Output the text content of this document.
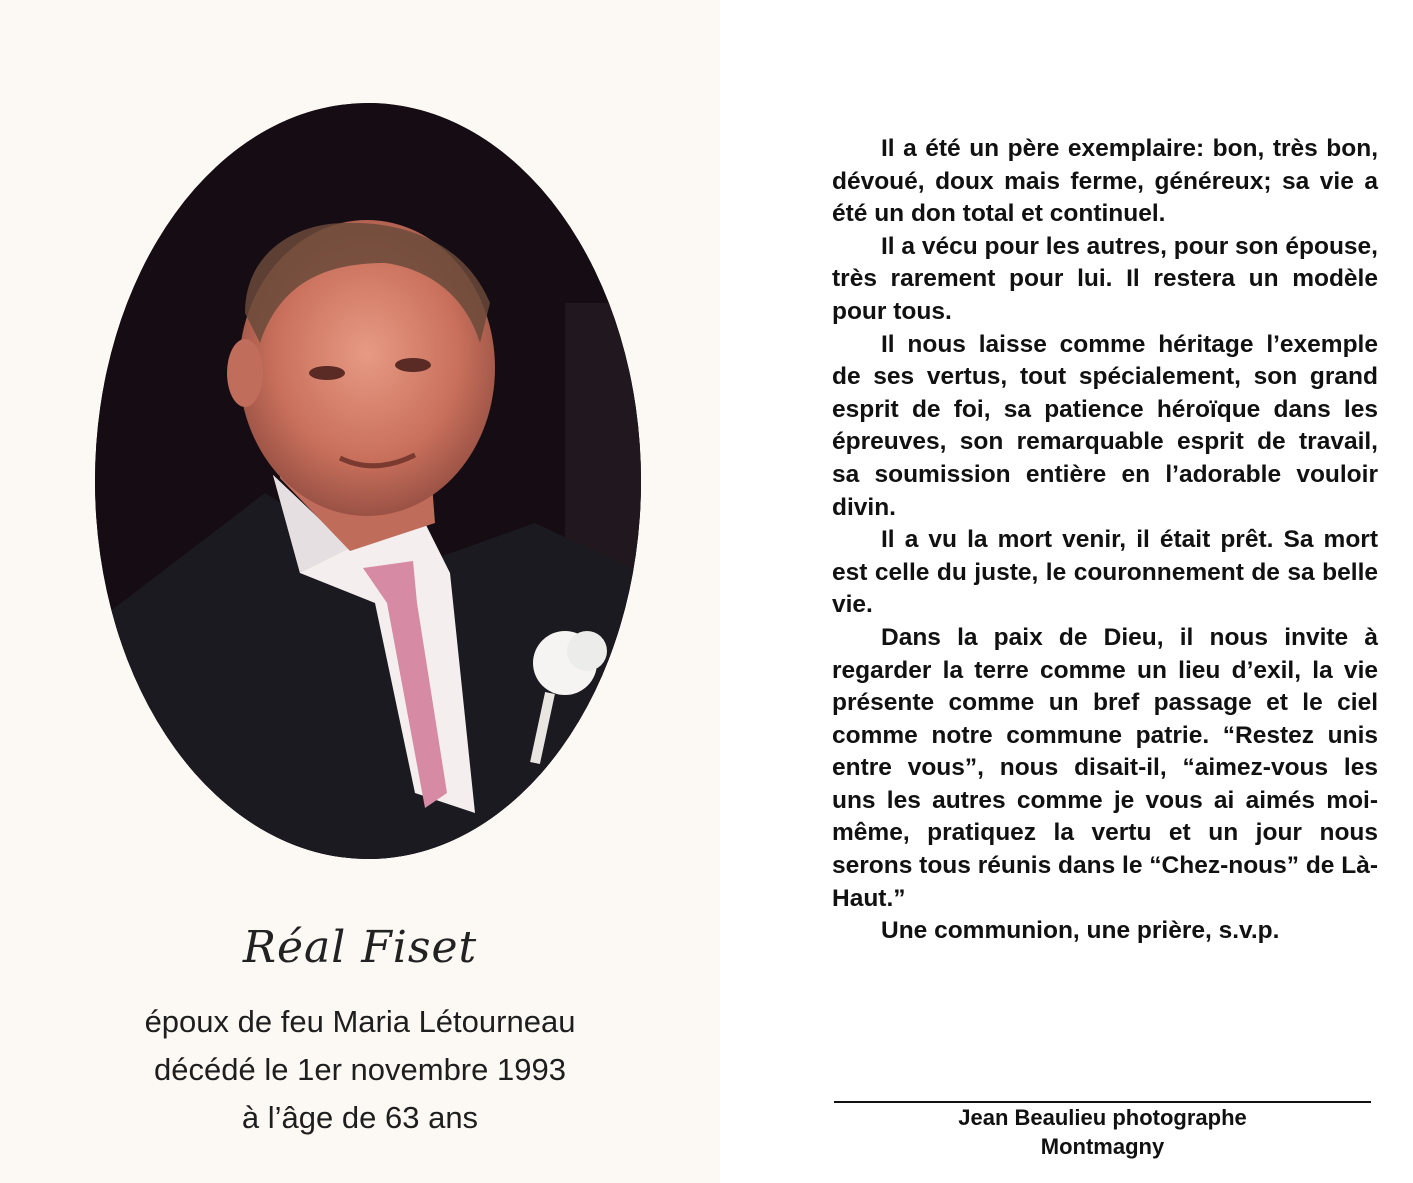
Réal Fiset
époux de feu Maria Létourneau
décédé le 1er novembre 1993
à l’âge de 63 ans

Il a été un père exemplaire: bon, très bon, dévoué, doux mais ferme, généreux; sa vie a été un don total et continuel.

Il a vécu pour les autres, pour son épouse, très rarement pour lui. Il restera un modèle pour tous.

Il nous laisse comme héritage l’exemple de ses vertus, tout spécialement, son grand esprit de foi, sa patience héroïque dans les épreuves, son remarquable esprit de travail, sa soumission entière en l’adorable vouloir divin.

Il a vu la mort venir, il était prêt. Sa mort est celle du juste, le couronnement de sa belle vie.

Dans la paix de Dieu, il nous invite à regarder la terre comme un lieu d’exil, la vie présente comme un bref passage et le ciel comme notre commune patrie. “Restez unis entre vous”, nous disait-il, “aimez-vous les uns les autres comme je vous ai aimés moi-même, pratiquez la vertu et un jour nous serons tous réunis dans le “Chez-nous” de Là-Haut.”

Une communion, une prière, s.v.p.

Jean Beaulieu photographe
Montmagny
